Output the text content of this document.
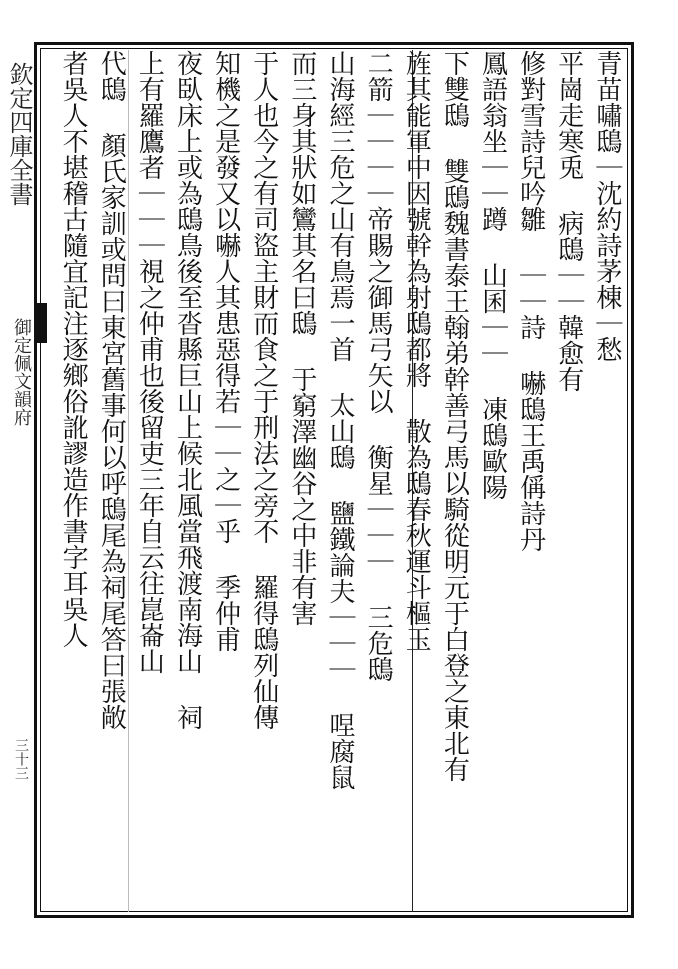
欽定四庫全書
御定佩文韻府
三十三
青苗嘯鴟｜沈約詩茅棟｜愁
平崗走寒兎 病鴟｜｜韓愈有
修對雪詩兒吟雛 ｜｜詩 嚇鴟王禹偁詩丹
鳳語翁坐｜｜蹲 山囷｜｜ 凍鴟歐陽
下雙鴟 雙鴟魏書泰王翰弟幹善弓馬以騎從明元于白登之東北有
旌其能軍中因號幹為射鴟都將 散為鴟春秋運斗樞玉
二箭｜｜｜｜帝賜之御馬弓矢以 衡星｜｜｜ 三危鴟
山海經三危之山有鳥焉一首 太山鴟 鹽鐵論夫｜｜｜ 㖏腐鼠
而三身其狀如鸞其名曰鴟 于窮澤幽谷之中非有害
于人也今之有司盜主財而食之于刑法之旁不 羅得鴟列仙傳
知機之是發又以嚇人其患惡得若｜｜之｜乎 季仲甫
夜臥床上或為鴟鳥後至沓縣巨山上候北風當飛渡南海山 祠
上有羅鷹者｜｜｜視之仲甫也後留吏三年自云往崑崙山
代鴟 顏氏家訓或問曰東宮舊事何以呼鴟尾為祠尾答曰張敞
者吳人不堪稽古隨宜記注逐鄉俗訛謬造作書字耳吳人
